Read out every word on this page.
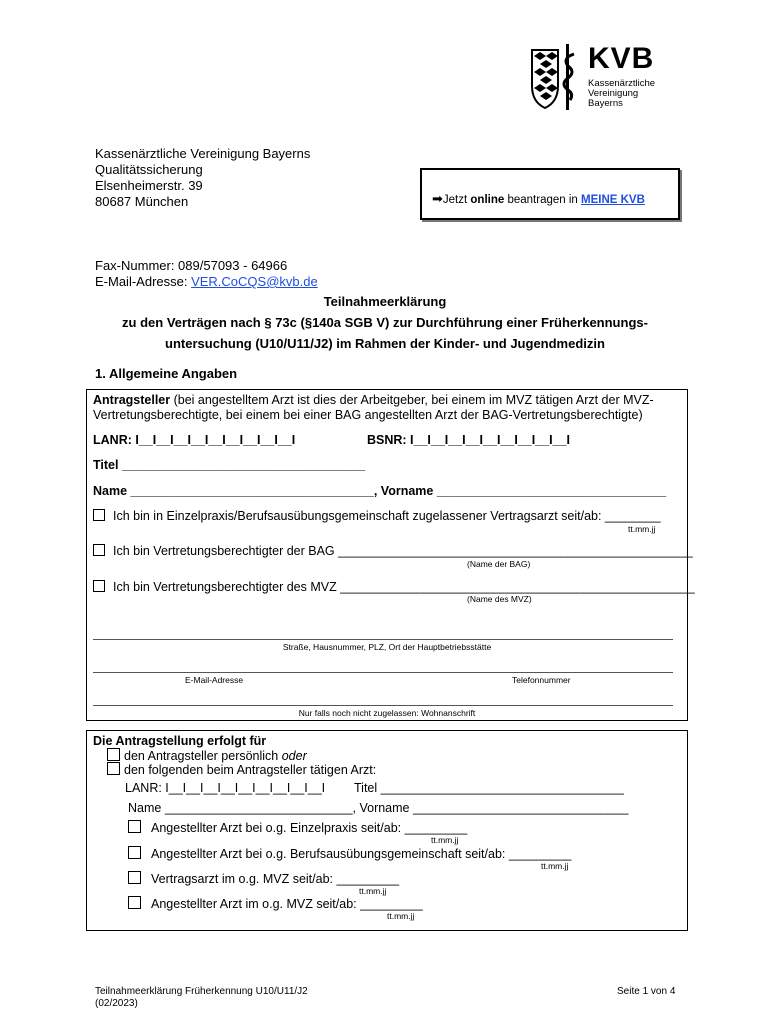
KVB
Kassenärztliche
Vereinigung
Bayerns
Kassenärztliche Vereinigung Bayerns
Qualitätssicherung
Elsenheimerstr. 39
80687 München	➡Jetzt online beantragen in MEINE KVB
Fax-Nummer: 089/57093 - 64966
E-Mail-Adresse: VER.CoCQS@kvb.de
Teilnahmeerklärung
zu den Verträgen nach § 73c (§140a SGB V) zur Durchführung einer Früherkennungs-
untersuchung (U10/U11/J2) im Rahmen der Kinder- und Jugendmedizin
1. Allgemeine Angaben
Antragsteller (bei angestelltem Arzt ist dies der Arbeitgeber, bei einem im MVZ tätigen Arzt der MVZ-
Vertretungsberechtigte, bei einem bei einer BAG angestellten Arzt der BAG-Vertretungsberechtigte)
LANR: I__I__I__I__I__I__I__I__I__I	BSNR: I__I__I__I__I__I__I__I__I__I
Titel ___________________________________
Name ___________________________________, Vorname _________________________________
Ich bin in Einzelpraxis/Berufsausübungsgemeinschaft zugelassener Vertragsarzt seit/ab: ________
tt.mm.jj
Ich bin Vertretungsberechtigter der BAG ___________________________________________________
(Name der BAG)
Ich bin Vertretungsberechtigter des MVZ ___________________________________________________
(Name des MVZ)
Straße, Hausnummer, PLZ, Ort der Hauptbetriebsstätte
E-Mail-Adresse	Telefonnummer
Nur falls noch nicht zugelassen: Wohnanschrift
Die Antragstellung erfolgt für
den Antragsteller persönlich oder
den folgenden beim Antragsteller tätigen Arzt:
LANR: I__I__I__I__I__I__I__I__I__I Titel ___________________________________
Name ___________________________, Vorname _______________________________
Angestellter Arzt bei o.g. Einzelpraxis seit/ab: _________
tt.mm.jj
Angestellter Arzt bei o.g. Berufsausübungsgemeinschaft seit/ab: _________
tt.mm.jj
Vertragsarzt im o.g. MVZ seit/ab: _________
tt.mm.jj
Angestellter Arzt im o.g. MVZ seit/ab: _________
tt.mm.jj
Teilnahmeerklärung Früherkennung U10/U11/J2
(02/2023)
Seite 1 von 4
